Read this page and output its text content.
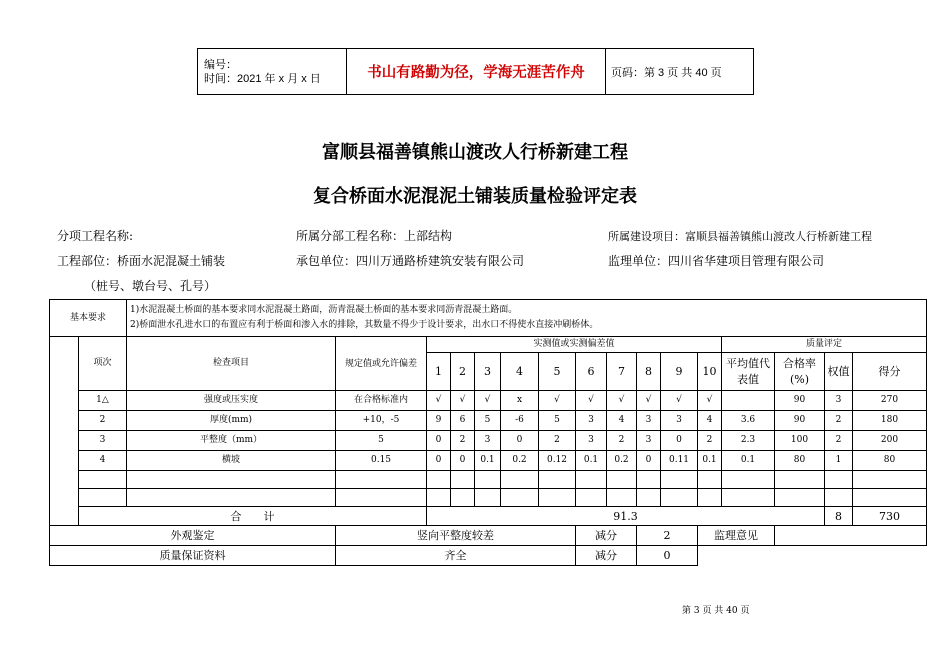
编号：
时间：2021 年 x 月 x 日	书山有路勤为径，学海无涯苦作舟	页码：第 3 页 共 40 页
富顺县福善镇熊山渡改人行桥新建工程
复合桥面水泥混泥土铺装质量检验评定表
分项工程名称:	所属分部工程名称：上部结构	所属建设项目：富顺县福善镇熊山渡改人行桥新建工程
工程部位：桥面水泥混凝土铺装	承包单位：四川万通路桥建筑安装有限公司	监理单位：四川省华建项目管理有限公司
（桩号、墩台号、孔号）
基本要求		1)水泥混凝土桥面的基本要求同水泥混凝土路面，沥青混凝土桥面的基本要求同沥青混凝土路面。
2)桥面泄水孔进水口的布置应有利于桥面和渗入水的排除，其数量不得少于设计要求，出水口不得使水直接冲刷桥体。															

	项次	检查项目	规定值或允许偏差	实测值或实测偏差值										质量评定			
				1	2	3	4	5	6	7	8	9	10	平均值代表值	合格率(%)	权值	得分
	1△	强度或压实度	在合格标准内	√	√	√	x	√	√	√	√	√	√		90	3	270
	2	厚度(mm)	+10，-5	9	6	5	-6	5	3	4	3	3	4	3.6	90	2	180
	3	平整度（mm）	5	0	2	3	0	2	3	2	3	0	2	2.3	100	2	200
	4	横坡	0.15	0	0	0.1	0.2	0.12	0.1	0.2	0	0.11	0.1	0.1	80	1	80

	合　　计			91.3												8	730
外观鉴定			竖向平整度较差						减分		2		监理意见				
质量保证资料			齐全						减分		0						
第 3 页 共 40 页
